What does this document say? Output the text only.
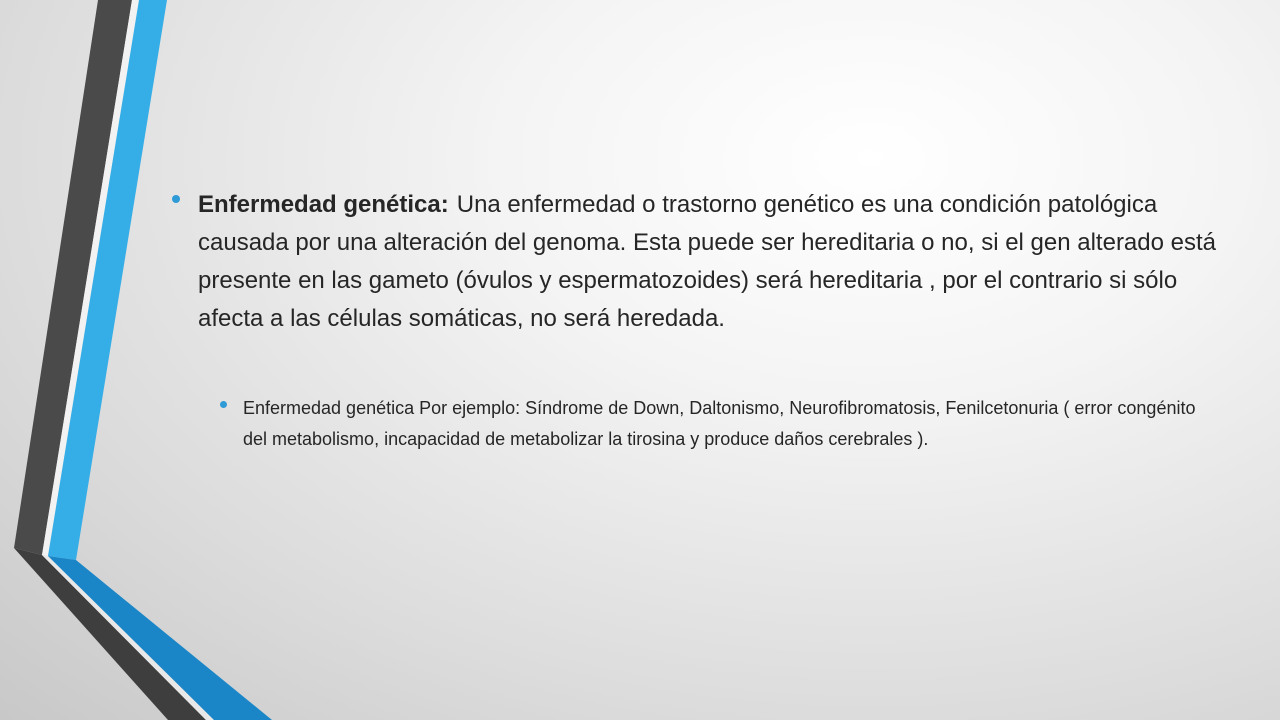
Enfermedad genética: Una enfermedad o trastorno genético es una condición patológica causada por una alteración del genoma. Esta puede ser hereditaria o no, si el gen alterado está presente en las gameto (óvulos y espermatozoides) será hereditaria , por el contrario si sólo afecta a las células somáticas, no será heredada.
Enfermedad genética Por ejemplo: Síndrome de Down, Daltonismo, Neurofibromatosis, Fenilcetonuria ( error congénito del metabolismo, incapacidad de metabolizar la tirosina y produce daños cerebrales ).
